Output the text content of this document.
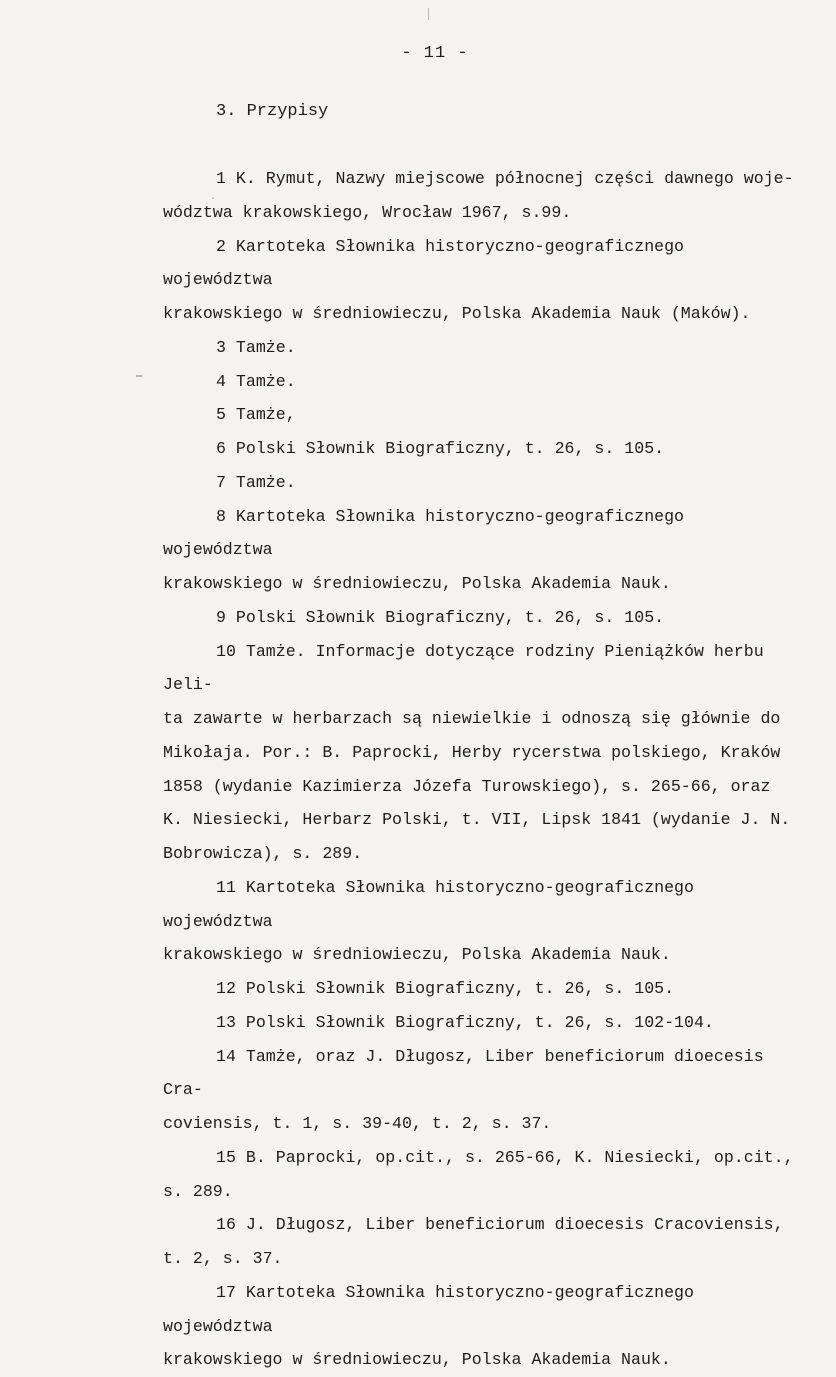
- 11 -
3. Przypisy

1 K. Rymut, Nazwy miejscowe północnej części dawnego woje-
wództwa krakowskiego, Wrocław 1967, s.99.

2 Kartoteka Słownika historyczno-geograficznego województwa
krakowskiego w średniowieczu, Polska Akademia Nauk (Maków).

3 Tamże.

4 Tamże.

5 Tamże,

6 Polski Słownik Biograficzny, t. 26, s. 105.

7 Tamże.

8 Kartoteka Słownika historyczno-geograficznego województwa
krakowskiego w średniowieczu, Polska Akademia Nauk.

9 Polski Słownik Biograficzny, t. 26, s. 105.

10 Tamże. Informacje dotyczące rodziny Pieniążków herbu Jeli-
ta zawarte w herbarzach są niewielkie i odnoszą się głównie do
Mikołaja. Por.: B. Paprocki, Herby rycerstwa polskiego, Kraków
1858 (wydanie Kazimierza Józefa Turowskiego), s. 265-66, oraz
K. Niesiecki, Herbarz Polski, t. VII, Lipsk 1841 (wydanie J. N.
Bobrowicza), s. 289.

11 Kartoteka Słownika historyczno-geograficznego województwa
krakowskiego w średniowieczu, Polska Akademia Nauk.

12 Polski Słownik Biograficzny, t. 26, s. 105.

13 Polski Słownik Biograficzny, t. 26, s. 102-104.

14 Tamże, oraz J. Długosz, Liber beneficiorum dioecesis Cra-
coviensis, t. 1, s. 39-40, t. 2, s. 37.

15 B. Paprocki, op.cit., s. 265-66, K. Niesiecki, op.cit.,
s. 289.

16 J. Długosz, Liber beneficiorum dioecesis Cracoviensis,
t. 2, s. 37.

17 Kartoteka Słownika historyczno-geograficznego województwa
krakowskiego w średniowieczu, Polska Akademia Nauk.
